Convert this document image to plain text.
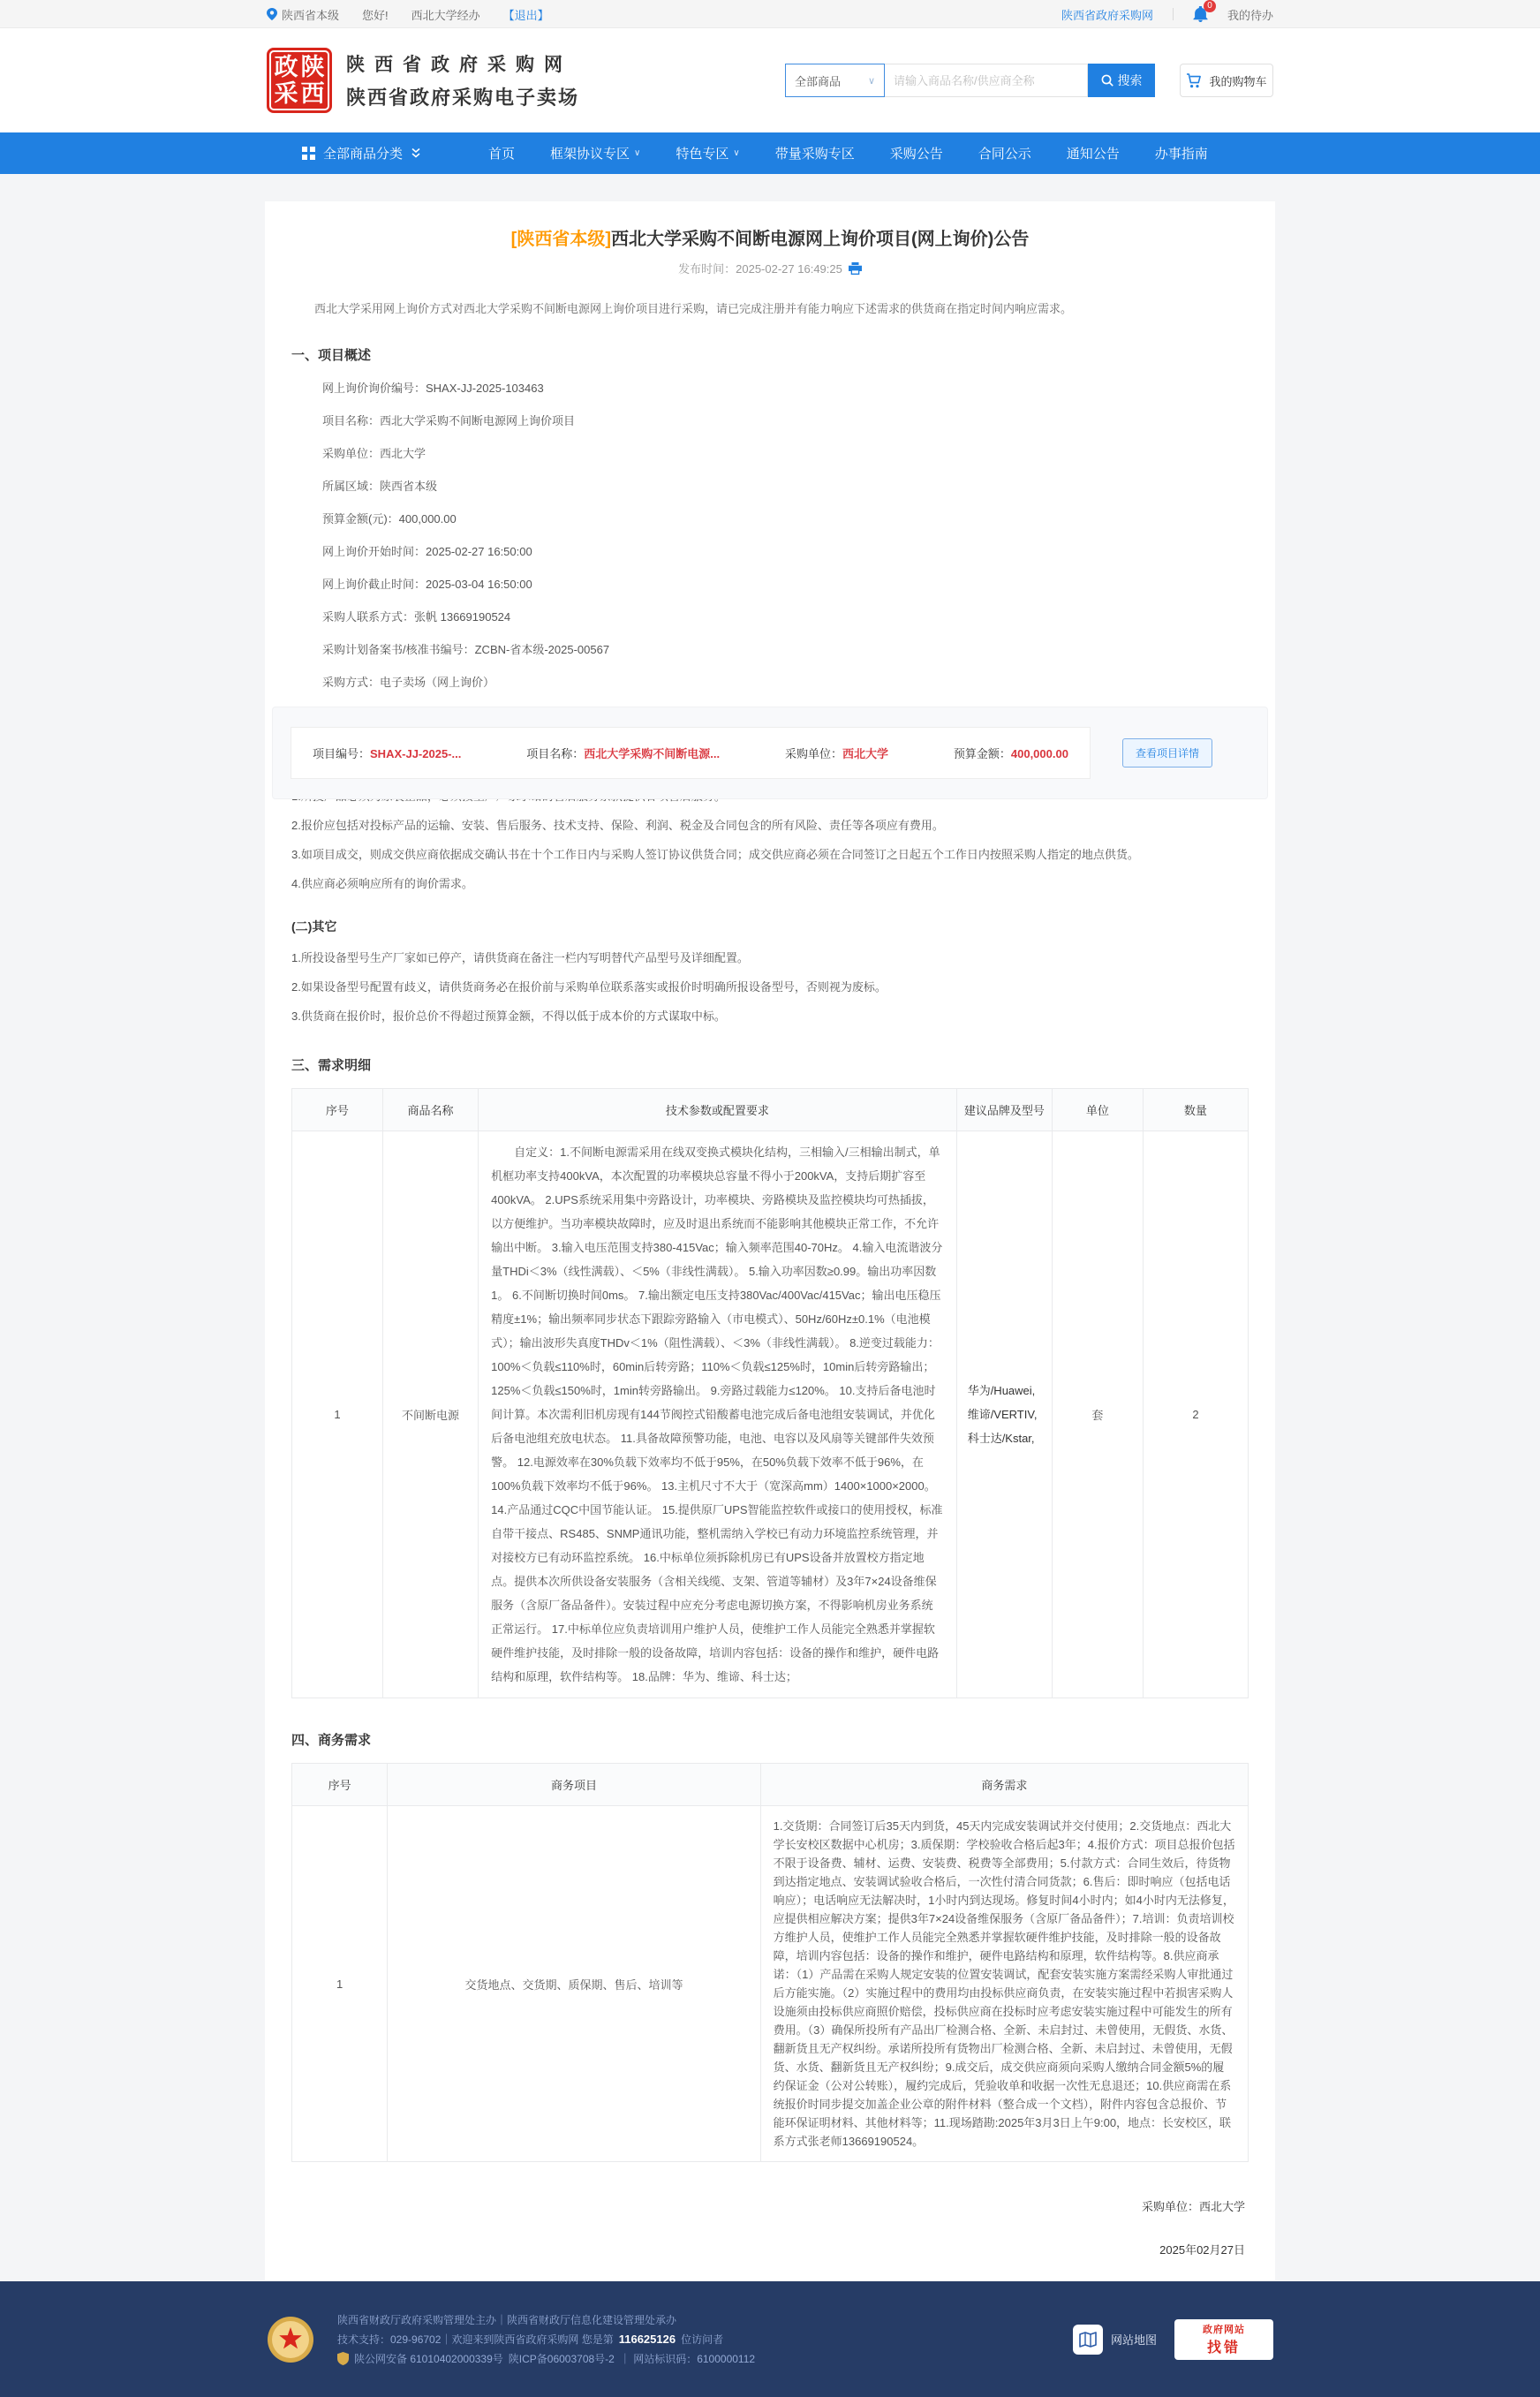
陕西省本级 您好! 西北大学经办 【退出】	陕西省政府采购网
0
我的待办
政 陕
采 西
陕西省政府采购网
陕西省政府采购电子卖场
全部商品	∨
请输入商品名称/供应商全称	搜索	我的购物车
全部商品分类	首页	框架协议专区 ∨	特色专区 ∨	带量采购专区	采购公告	合同公示	通知公告	办事指南
[陕西省本级]西北大学采购不间断电源网上询价项目(网上询价)公告
发布时间：2025-02-27 16:49:25
西北大学采用网上询价方式对西北大学采购不间断电源网上询价项目进行采购，请已完成注册并有能力响应下述需求的供货商在指定时间内响应需求。
一、项目概述
网上询价询价编号：SHAX-JJ-2025-103463
项目名称：西北大学采购不间断电源网上询价项目
采购单位：西北大学
所属区域：陕西省本级
预算金额(元)：400,000.00
网上询价开始时间：2025-02-27 16:50:00
网上询价截止时间：2025-03-04 16:50:00
采购人联系方式：张帆 13669190524
采购计划备案书/核准书编号：ZCBN-省本级-2025-00567
采购方式：电子卖场（网上询价）
项目编号：SHAX-JJ-2025-...	项目名称：西北大学采购不间断电源...	采购单位：西北大学	预算金额：400,000.00	查看项目详情
2.报价应包括对投标产品的运输、安装、售后服务、技术支持、保险、利润、税金及合同包含的所有风险、责任等各项应有费用。
3.如项目成交，则成交供应商依据成交确认书在十个工作日内与采购人签订协议供货合同；成交供应商必须在合同签订之日起五个工作日内按照采购人指定的地点供货。
4.供应商必须响应所有的询价需求。
(二)其它
1.所投设备型号生产厂家如已停产，请供货商在备注一栏内写明替代产品型号及详细配置。
2.如果设备型号配置有歧义，请供货商务必在报价前与采购单位联系落实或报价时明确所报设备型号，否则视为废标。
3.供货商在报价时，报价总价不得超过预算金额，不得以低于成本价的方式谋取中标。
三、需求明细
序号	商品名称	技术参数或配置要求	建议品牌及型号	单位	数量
1	不间断电源	自定义：1.不间断电源需采用在线双变换式模块化结构，三相输入/三相输出制式，单机框功率支持400kVA，本次配置的功率模块总容量不得小于200kVA，支持后期扩容至400kVA。 2.UPS系统采用集中旁路设计，功率模块、旁路模块及监控模块均可热插拔，以方便维护。当功率模块故障时，应及时退出系统而不能影响其他模块正常工作，不允许输出中断。 3.输入电压范围支持380-415Vac；输入频率范围40-70Hz。 4.输入电流谐波分量THDi＜3%（线性满载）、＜5%（非线性满载）。 5.输入功率因数≥0.99。输出功率因数1。 6.不间断切换时间0ms。 7.输出额定电压支持380Vac/400Vac/415Vac；输出电压稳压精度±1%；输出频率同步状态下跟踪旁路输入（市电模式）、50Hz/60Hz±0.1%（电池模式）；输出波形失真度THDv＜1%（阻性满载）、＜3%（非线性满载）。 8.逆变过载能力：100%＜负载≤110%时，60min后转旁路；110%＜负载≤125%时，10min后转旁路输出；125%＜负载≤150%时，1min转旁路输出。 9.旁路过载能力≤120%。 10.支持后备电池时间计算。本次需利旧机房现有144节阀控式铅酸蓄电池完成后备电池组安装调试，并优化后备电池组充放电状态。 11.具备故障预警功能，电池、电容以及风扇等关键部件失效预警。 12.电源效率在30%负载下效率均不低于95%，在50%负载下效率不低于96%，在100%负载下效率均不低于96%。 13.主机尺寸不大于（宽深高mm）1400×1000×2000。 14.产品通过CQC中国节能认证。 15.提供原厂UPS智能监控软件或接口的使用授权，标准自带干接点、RS485、SNMP通讯功能，整机需纳入学校已有动力环境监控系统管理，并对接校方已有动环监控系统。 16.中标单位须拆除机房已有UPS设备并放置校方指定地点。提供本次所供设备安装服务（含相关线缆、支架、管道等辅材）及3年7×24设备维保服务（含原厂备品备件）。安装过程中应充分考虑电源切换方案，不得影响机房业务系统正常运行。 17.中标单位应负责培训用户维护人员，使维护工作人员能完全熟悉并掌握软硬件维护技能，及时排除一般的设备故障，培训内容包括：设备的操作和维护，硬件电路结构和原理，软件结构等。 18.品牌：华为、维谛、科士达；	华为/Huawei,维谛/VERTIV,科士达/Kstar,	套	2
四、商务需求
序号	商务项目	商务需求
1	交货地点、交货期、质保期、售后、培训等	1.交货期：合同签订后35天内到货，45天内完成安装调试并交付使用；2.交货地点：西北大学长安校区数据中心机房；3.质保期：学校验收合格后起3年；4.报价方式：项目总报价包括不限于设备费、辅材、运费、安装费、税费等全部费用；5.付款方式：合同生效后，待货物到达指定地点、安装调试验收合格后，一次性付清合同货款；6.售后：即时响应（包括电话响应）；电话响应无法解决时，1小时内到达现场。修复时间4小时内；如4小时内无法修复，应提供相应解决方案；提供3年7×24设备维保服务（含原厂备品备件）；7.培训：负责培训校方维护人员，使维护工作人员能完全熟悉并掌握软硬件维护技能，及时排除一般的设备故障，培训内容包括：设备的操作和维护，硬件电路结构和原理，软件结构等。8.供应商承诺：（1）产品需在采购人规定安装的位置安装调试，配套安装实施方案需经采购人审批通过后方能实施。（2）实施过程中的费用均由投标供应商负责，在安装实施过程中若损害采购人设施须由投标供应商照价赔偿，投标供应商在投标时应考虑安装实施过程中可能发生的所有费用。（3）确保所投所有产品出厂检测合格、全新、未启封过、未曾使用，无假货、水货、翻新货且无产权纠纷。承诺所投所有货物出厂检测合格、全新、未启封过、未曾使用，无假货、水货、翻新货且无产权纠纷；9.成交后，成交供应商须向采购人缴纳合同金额5%的履约保证金（公对公转账），履约完成后，凭验收单和收据一次性无息退还；10.供应商需在系统报价时同步提交加盖企业公章的附件材料（整合成一个文档），附件内容包含总报价、节能环保证明材料、其他材料等；11.现场踏勘:2025年3月3日上午9:00，地点：长安校区，联系方式张老师13669190524。
采购单位：西北大学
2025年02月27日
陕西省财政厅政府采购管理处主办｜陕西省财政厅信息化建设管理处承办
技术支持：029-96702｜欢迎来到陕西省政府采购网 您是第 116625126 位访问者
陕公网安备 61010402000339号 陕ICP备06003708号-2 ｜ 网站标识码：6100000112
网站地图
政府网站
找错
